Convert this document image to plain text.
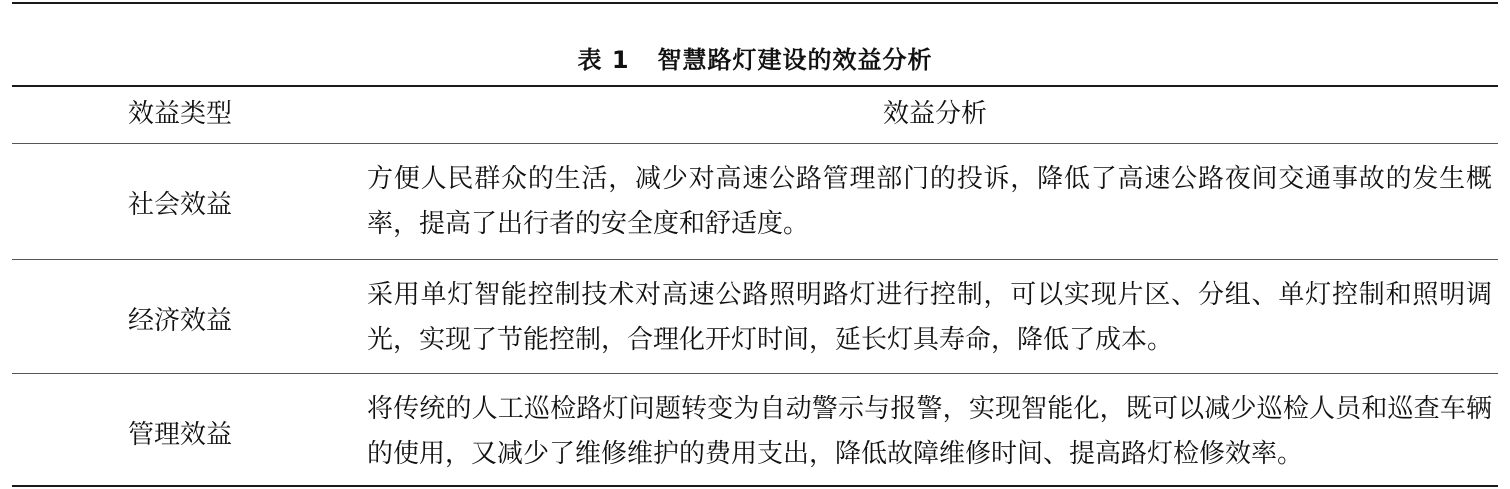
表 1 智慧路灯建设的效益分析
效益类型	效益分析
社会效益
方便人民群众的生活，减少对高速公路管理部门的投诉，降低了高速公路夜间交通事故的发生概率，提高了出行者的安全度和舒适度。
经济效益
采用单灯智能控制技术对高速公路照明路灯进行控制，可以实现片区、分组、单灯控制和照明调光，实现了节能控制，合理化开灯时间，延长灯具寿命，降低了成本。
管理效益
将传统的人工巡检路灯问题转变为自动警示与报警，实现智能化，既可以减少巡检人员和巡查车辆的使用，又减少了维修维护的费用支出，降低故障维修时间、提高路灯检修效率。
